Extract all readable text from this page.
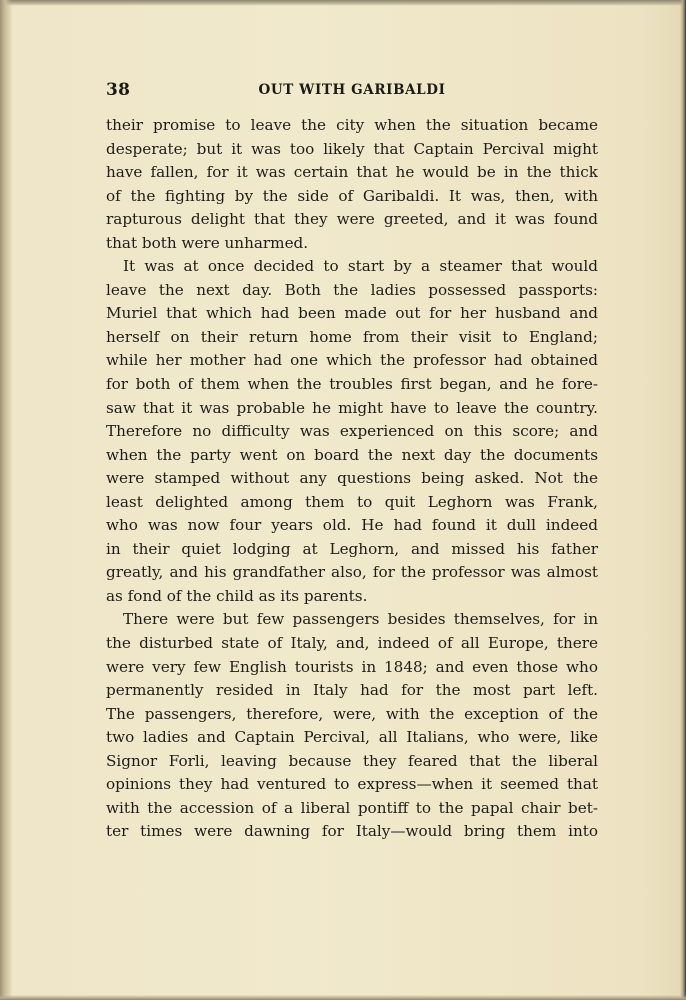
38	OUT WITH GARIBALDI
their promise to leave the city when the situation became
desperate; but it was too likely that Captain Percival might
have fallen, for it was certain that he would be in the thick
of the fighting by the side of Garibaldi. It was, then, with
rapturous delight that they were greeted, and it was found
that both were unharmed.
It was at once decided to start by a steamer that would
leave the next day. Both the ladies possessed passports:
Muriel that which had been made out for her husband and
herself on their return home from their visit to England;
while her mother had one which the professor had obtained
for both of them when the troubles first began, and he fore-
saw that it was probable he might have to leave the country.
Therefore no difficulty was experienced on this score; and
when the party went on board the next day the documents
were stamped without any questions being asked. Not the
least delighted among them to quit Leghorn was Frank,
who was now four years old. He had found it dull indeed
in their quiet lodging at Leghorn, and missed his father
greatly, and his grandfather also, for the professor was almost
as fond of the child as its parents.
There were but few passengers besides themselves, for in
the disturbed state of Italy, and, indeed of all Europe, there
were very few English tourists in 1848; and even those who
permanently resided in Italy had for the most part left.
The passengers, therefore, were, with the exception of the
two ladies and Captain Percival, all Italians, who were, like
Signor Forli, leaving because they feared that the liberal
opinions they had ventured to express—when it seemed that
with the accession of a liberal pontiff to the papal chair bet-
ter times were dawning for Italy—would bring them into
